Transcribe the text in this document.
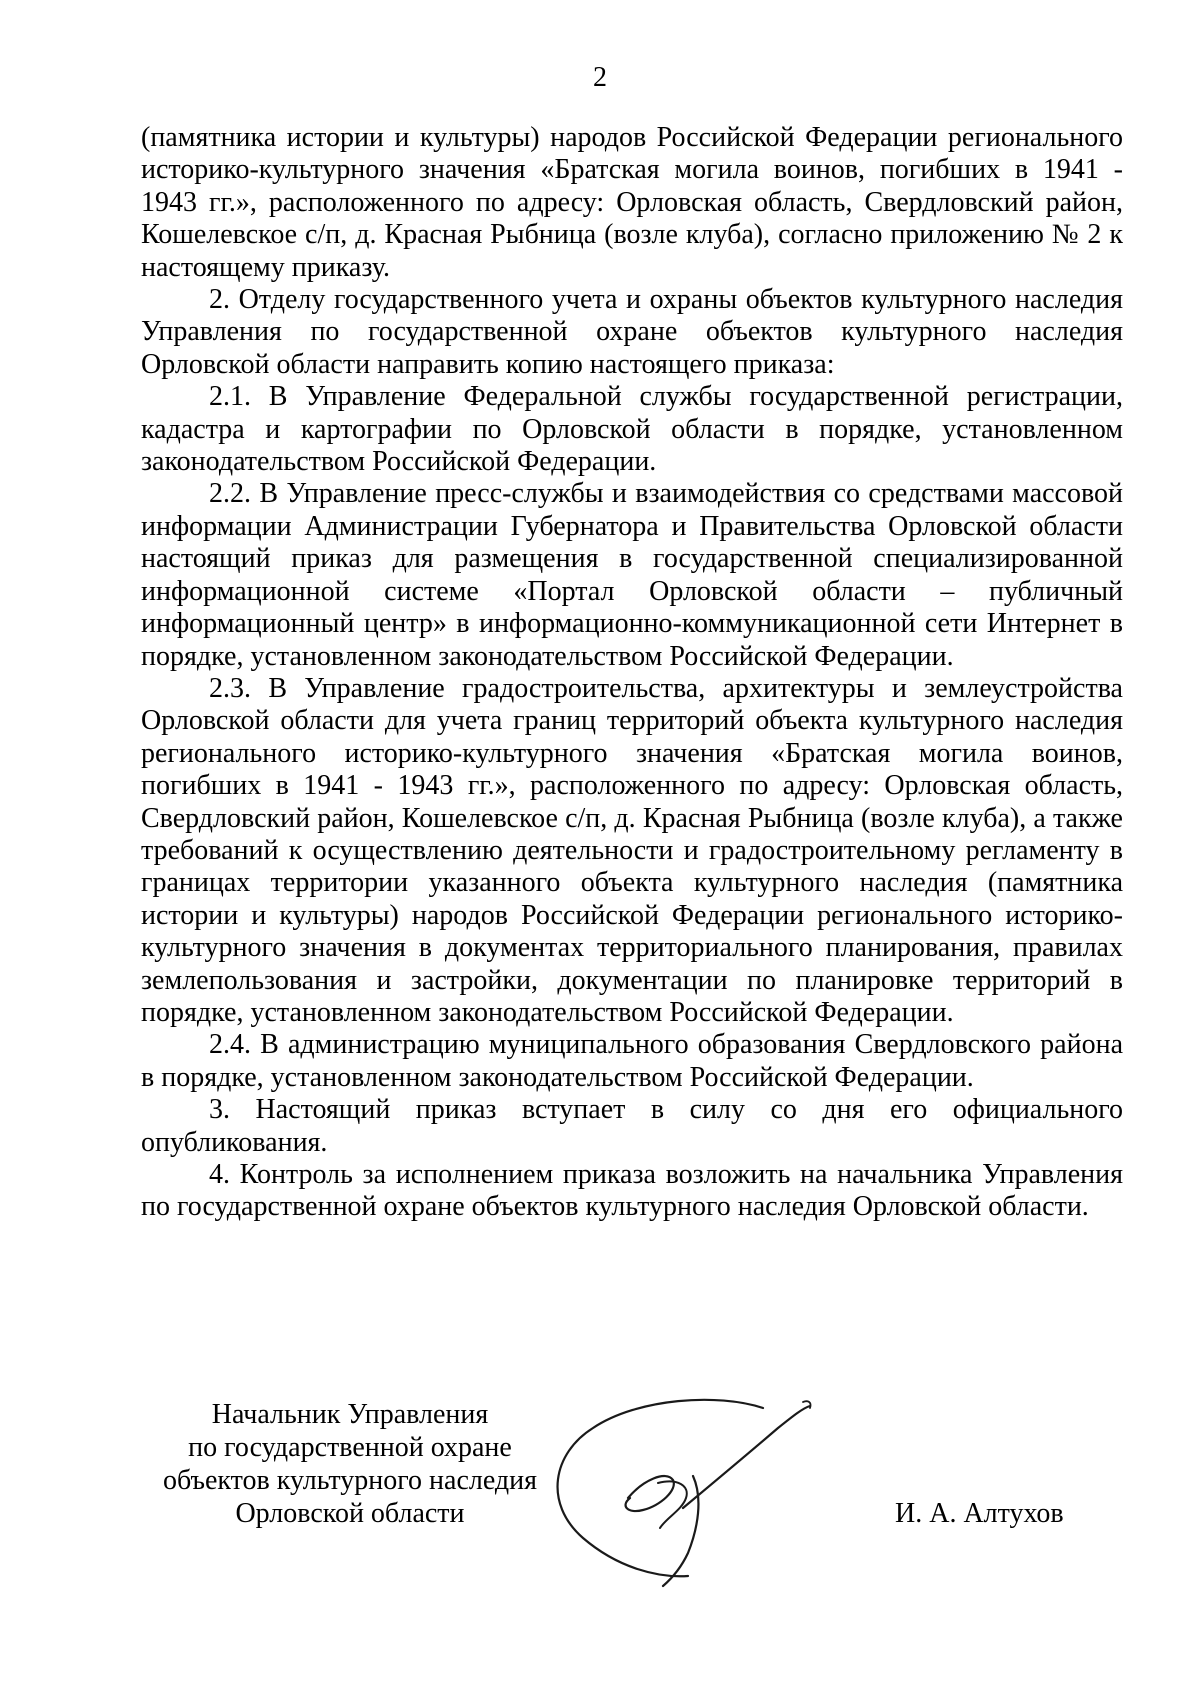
2

(памятника истории и культуры) народов Российской Федерации регионального историко-культурного значения «Братская могила воинов, погибших в 1941 - 1943 гг.», расположенного по адресу: Орловская область, Свердловский район, Кошелевское с/п, д. Красная Рыбница (возле клуба), согласно приложению № 2 к настоящему приказу.

2. Отделу государственного учета и охраны объектов культурного наследия Управления по государственной охране объектов культурного наследия Орловской области направить копию настоящего приказа:

2.1. В Управление Федеральной службы государственной регистрации, кадастра и картографии по Орловской области в порядке, установленном законодательством Российской Федерации.

2.2. В Управление пресс-службы и взаимодействия со средствами массовой информации Администрации Губернатора и Правительства Орловской области настоящий приказ для размещения в государственной специализированной информационной системе «Портал Орловской области – публичный информационный центр» в информационно-коммуникационной сети Интернет в порядке, установленном законодательством Российской Федерации.

2.3. В Управление градостроительства, архитектуры и землеустройства Орловской области для учета границ территорий объекта культурного наследия регионального историко-культурного значения «Братская могила воинов, погибших в 1941 - 1943 гг.», расположенного по адресу: Орловская область, Свердловский район, Кошелевское с/п, д. Красная Рыбница (возле клуба), а также требований к осуществлению деятельности и градостроительному регламенту в границах территории указанного объекта культурного наследия (памятника истории и культуры) народов Российской Федерации регионального историко-культурного значения в документах территориального планирования, правилах землепользования и застройки, документации по планировке территорий в порядке, установленном законодательством Российской Федерации.

2.4. В администрацию муниципального образования Свердловского района в порядке, установленном законодательством Российской Федерации.

3. Настоящий приказ вступает в силу со дня его официального опубликования.

4. Контроль за исполнением приказа возложить на начальника Управления по государственной охране объектов культурного наследия Орловской области.

Начальник Управления
по государственной охране
объектов культурного наследия
Орловской области	И. А. Алтухов
